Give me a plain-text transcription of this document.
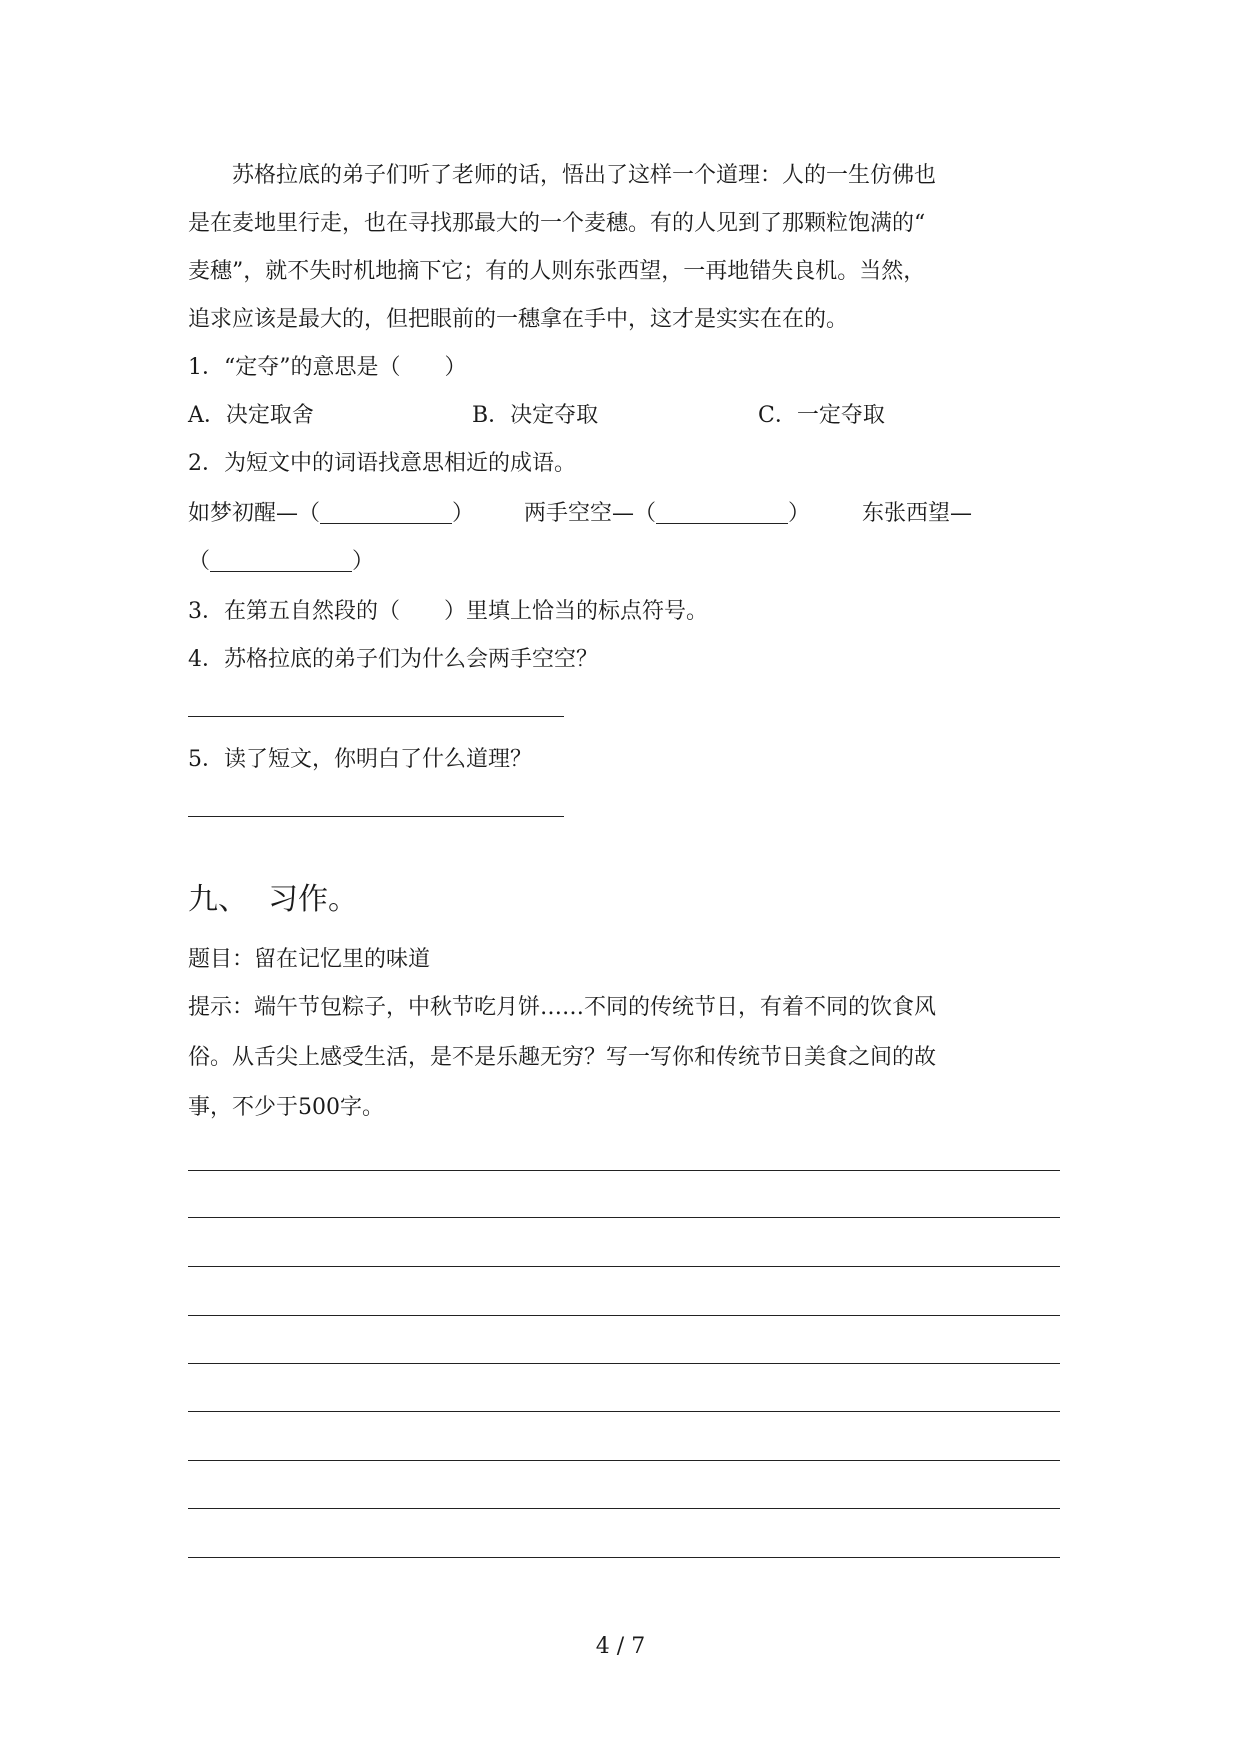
苏格拉底的弟子们听了老师的话，悟出了这样一个道理：人的一生仿佛也
是在麦地里行走，也在寻找那最大的一个麦穗。有的人见到了那颗粒饱满的“
麦穗”，就不失时机地摘下它；有的人则东张西望，一再地错失良机。当然，
追求应该是最大的，但把眼前的一穗拿在手中，这才是实实在在的。
1．“定夺”的意思是（　　）
A．决定取舍	B．决定夺取	C．一定夺取
2．为短文中的词语找意思相近的成语。
如梦初醒—（	） 两手空空—（	） 东张西望—
（	）
3．在第五自然段的（　　）里填上恰当的标点符号。
4．苏格拉底的弟子们为什么会两手空空？
5．读了短文，你明白了什么道理？
九、 习作。
题目：留在记忆里的味道
提示：端午节包粽子，中秋节吃月饼……不同的传统节日，有着不同的饮食风
俗。从舌尖上感受生活，是不是乐趣无穷？写一写你和传统节日美食之间的故
事，不少于500字。
4 / 7
